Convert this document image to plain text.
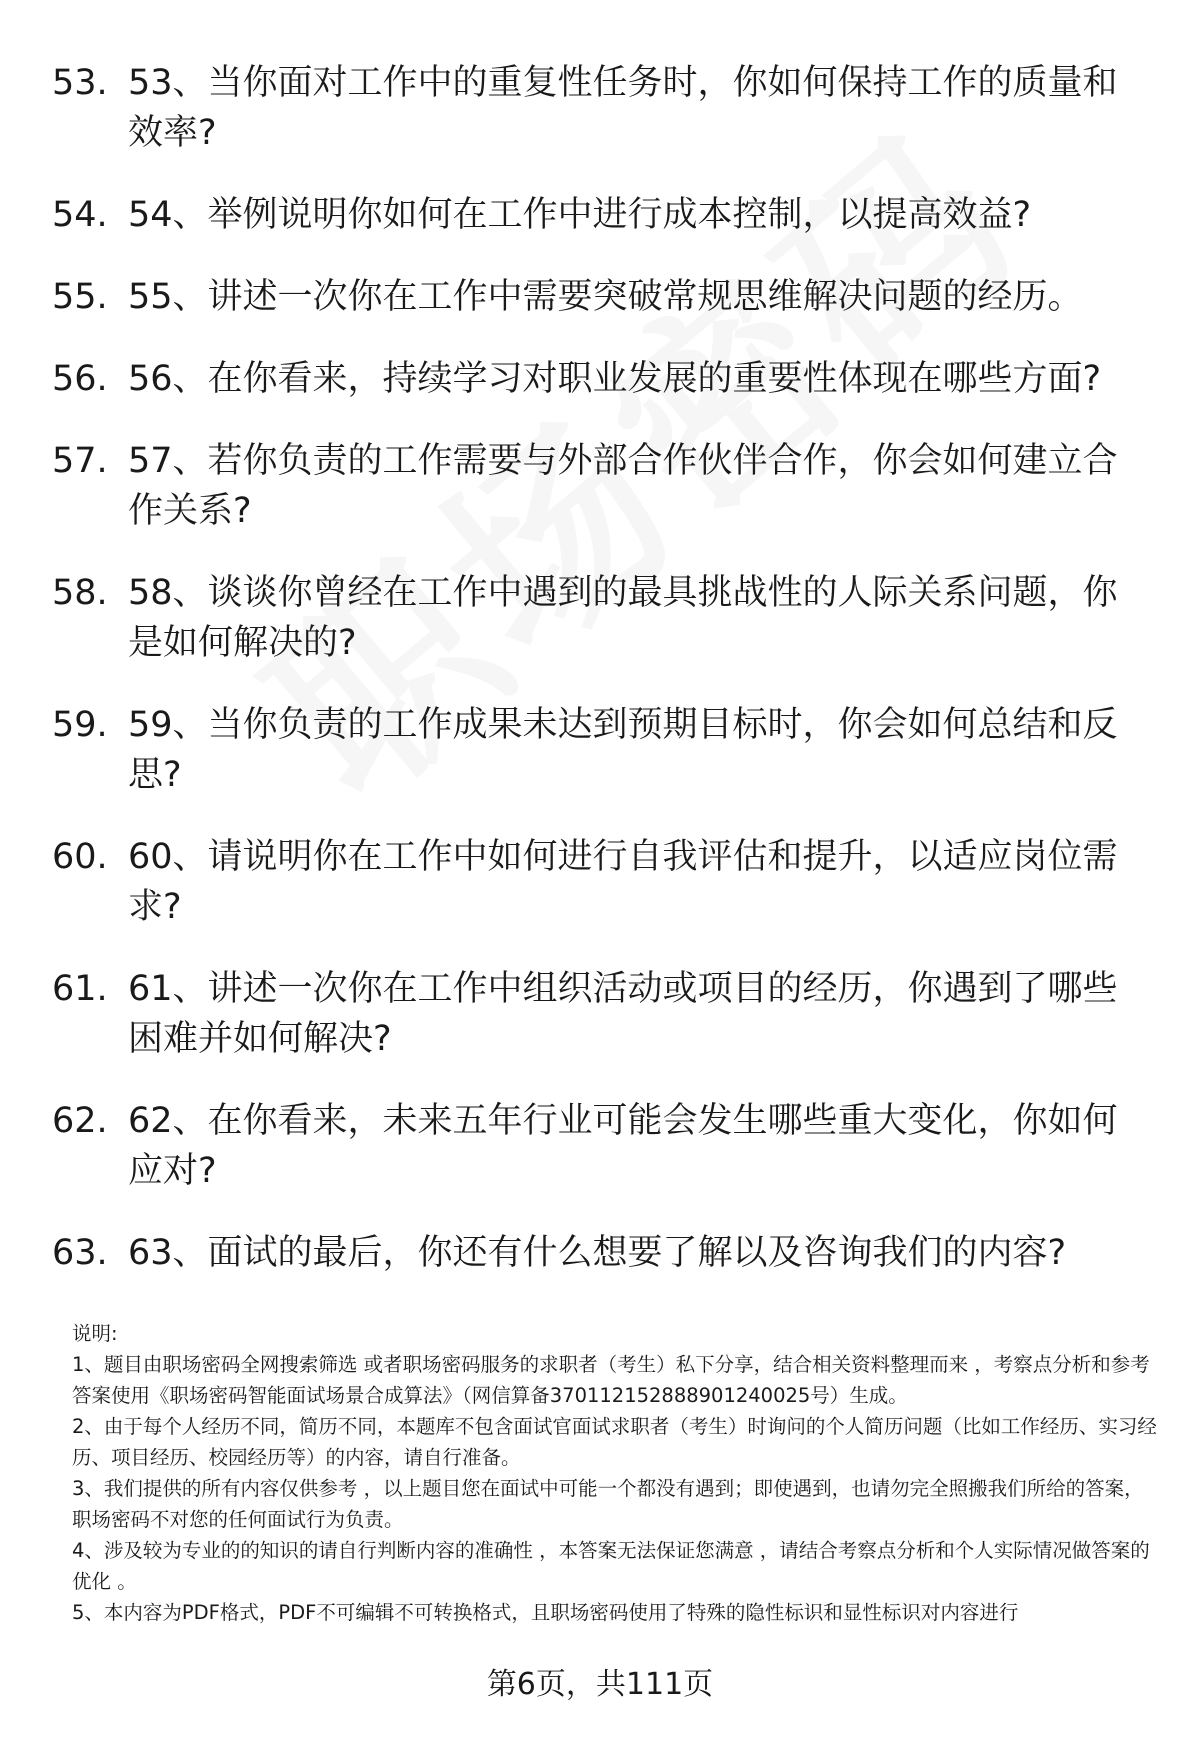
53. 53、当你面对工作中的重复性任务时，你如何保持工作的质量和效率?
54. 54、举例说明你如何在工作中进行成本控制，以提高效益?
55. 55、讲述一次你在工作中需要突破常规思维解决问题的经历。
56. 56、在你看来，持续学习对职业发展的重要性体现在哪些方面?
57. 57、若你负责的工作需要与外部合作伙伴合作，你会如何建立合作关系?
58. 58、谈谈你曾经在工作中遇到的最具挑战性的人际关系问题，你是如何解决的?
59. 59、当你负责的工作成果未达到预期目标时，你会如何总结和反思?
60. 60、请说明你在工作中如何进行自我评估和提升，以适应岗位需求?
61. 61、讲述一次你在工作中组织活动或项目的经历，你遇到了哪些困难并如何解决?
62. 62、在你看来，未来五年行业可能会发生哪些重大变化，你如何应对?
63. 63、面试的最后，你还有什么想要了解以及咨询我们的内容?

说明:

1、题目由职场密码全网搜索筛选 或者职场密码服务的求职者（考生）私下分享，结合相关资料整理而来 ，考察点分析和参考答案使用《职场密码智能面试场景合成算法》（网信算备370112152888901240025号）生成。

2、由于每个人经历不同，简历不同，本题库不包含面试官面试求职者（考生）时询问的个人简历问题（比如工作经历、实习经历、项目经历、校园经历等）的内容，请自行准备。

3、我们提供的所有内容仅供参考 ，以上题目您在面试中可能一个都没有遇到；即使遇到，也请勿完全照搬我们所给的答案，职场密码不对您的任何面试行为负责。

4、涉及较为专业的的知识的请自行判断内容的准确性 ，本答案无法保证您满意 ，请结合考察点分析和个人实际情况做答案的优化 。

5、本内容为PDF格式，PDF不可编辑不可转换格式，且职场密码使用了特殊的隐性标识和显性标识对内容进行

第6页，共111页
